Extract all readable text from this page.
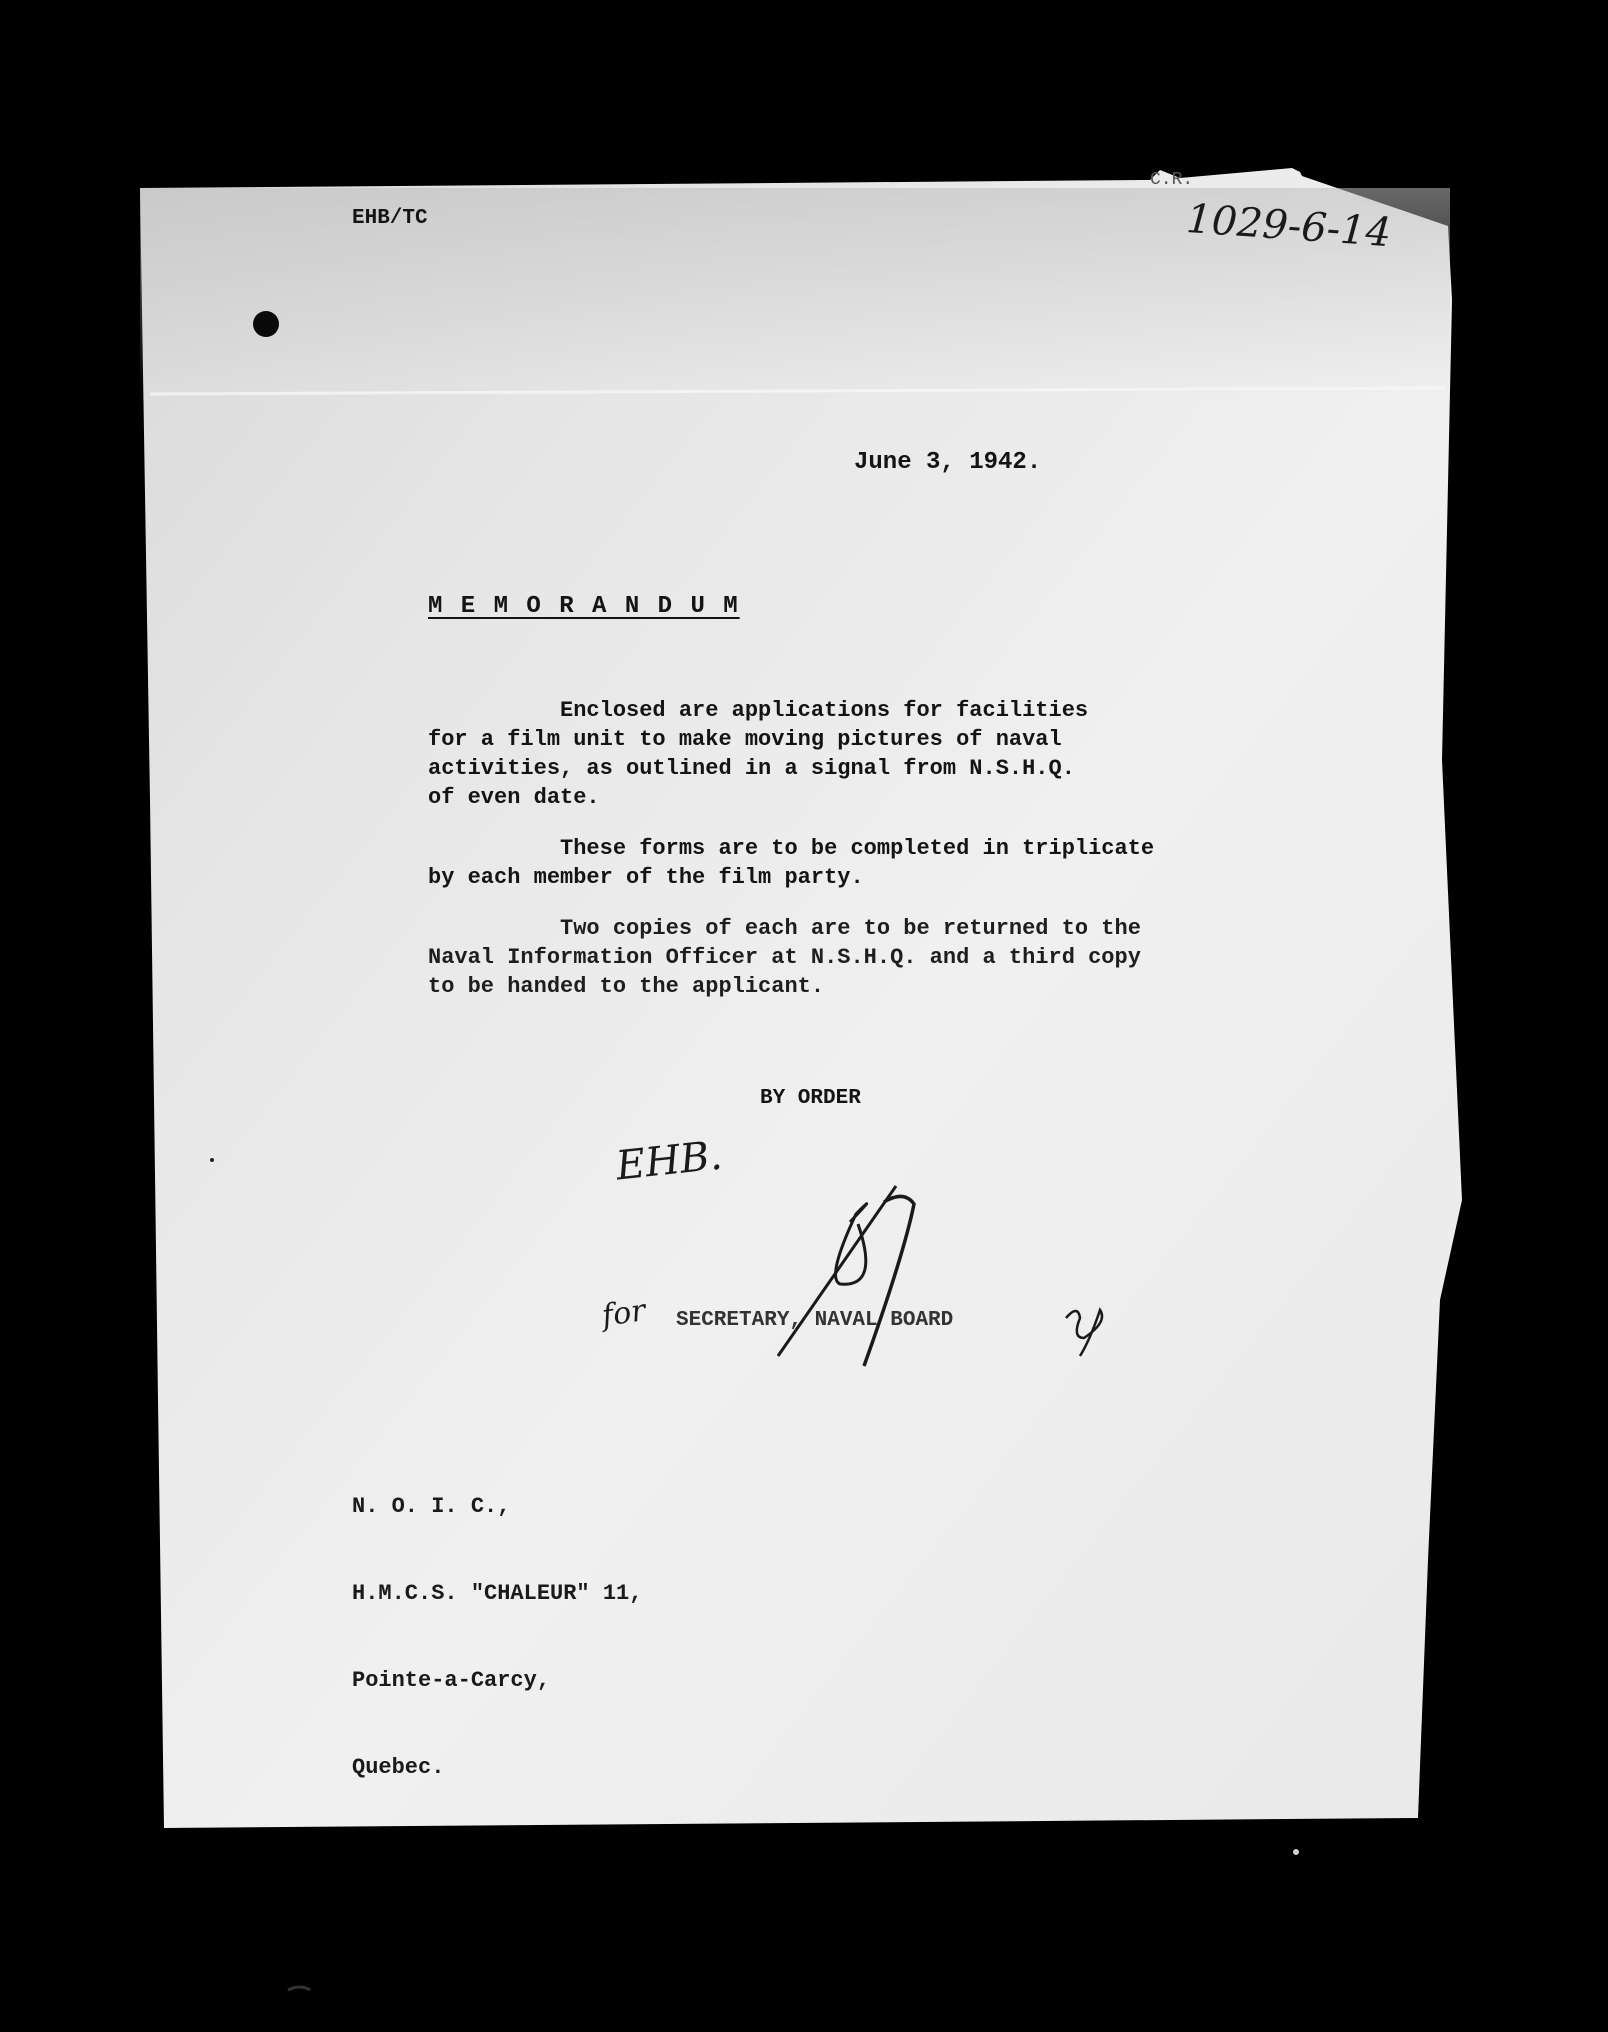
C.R.
EHB/TC	1029-6-14
June 3, 1942.
M E M O R A N D U M
Enclosed are applications for facilities
for a film unit to make moving pictures of naval
activities, as outlined in a signal from N.S.H.Q.
of even date.
These forms are to be completed in triplicate
by each member of the film party.
Two copies of each are to be returned to the
Naval Information Officer at N.S.H.Q. and a third copy
to be handed to the applicant.
BY ORDER
EHB.
for SECRETARY, NAVAL BOARD

N. O. I. C.,

H.M.C.S. "CHALEUR" 11,

Pointe-a-Carcy,

Quebec.
